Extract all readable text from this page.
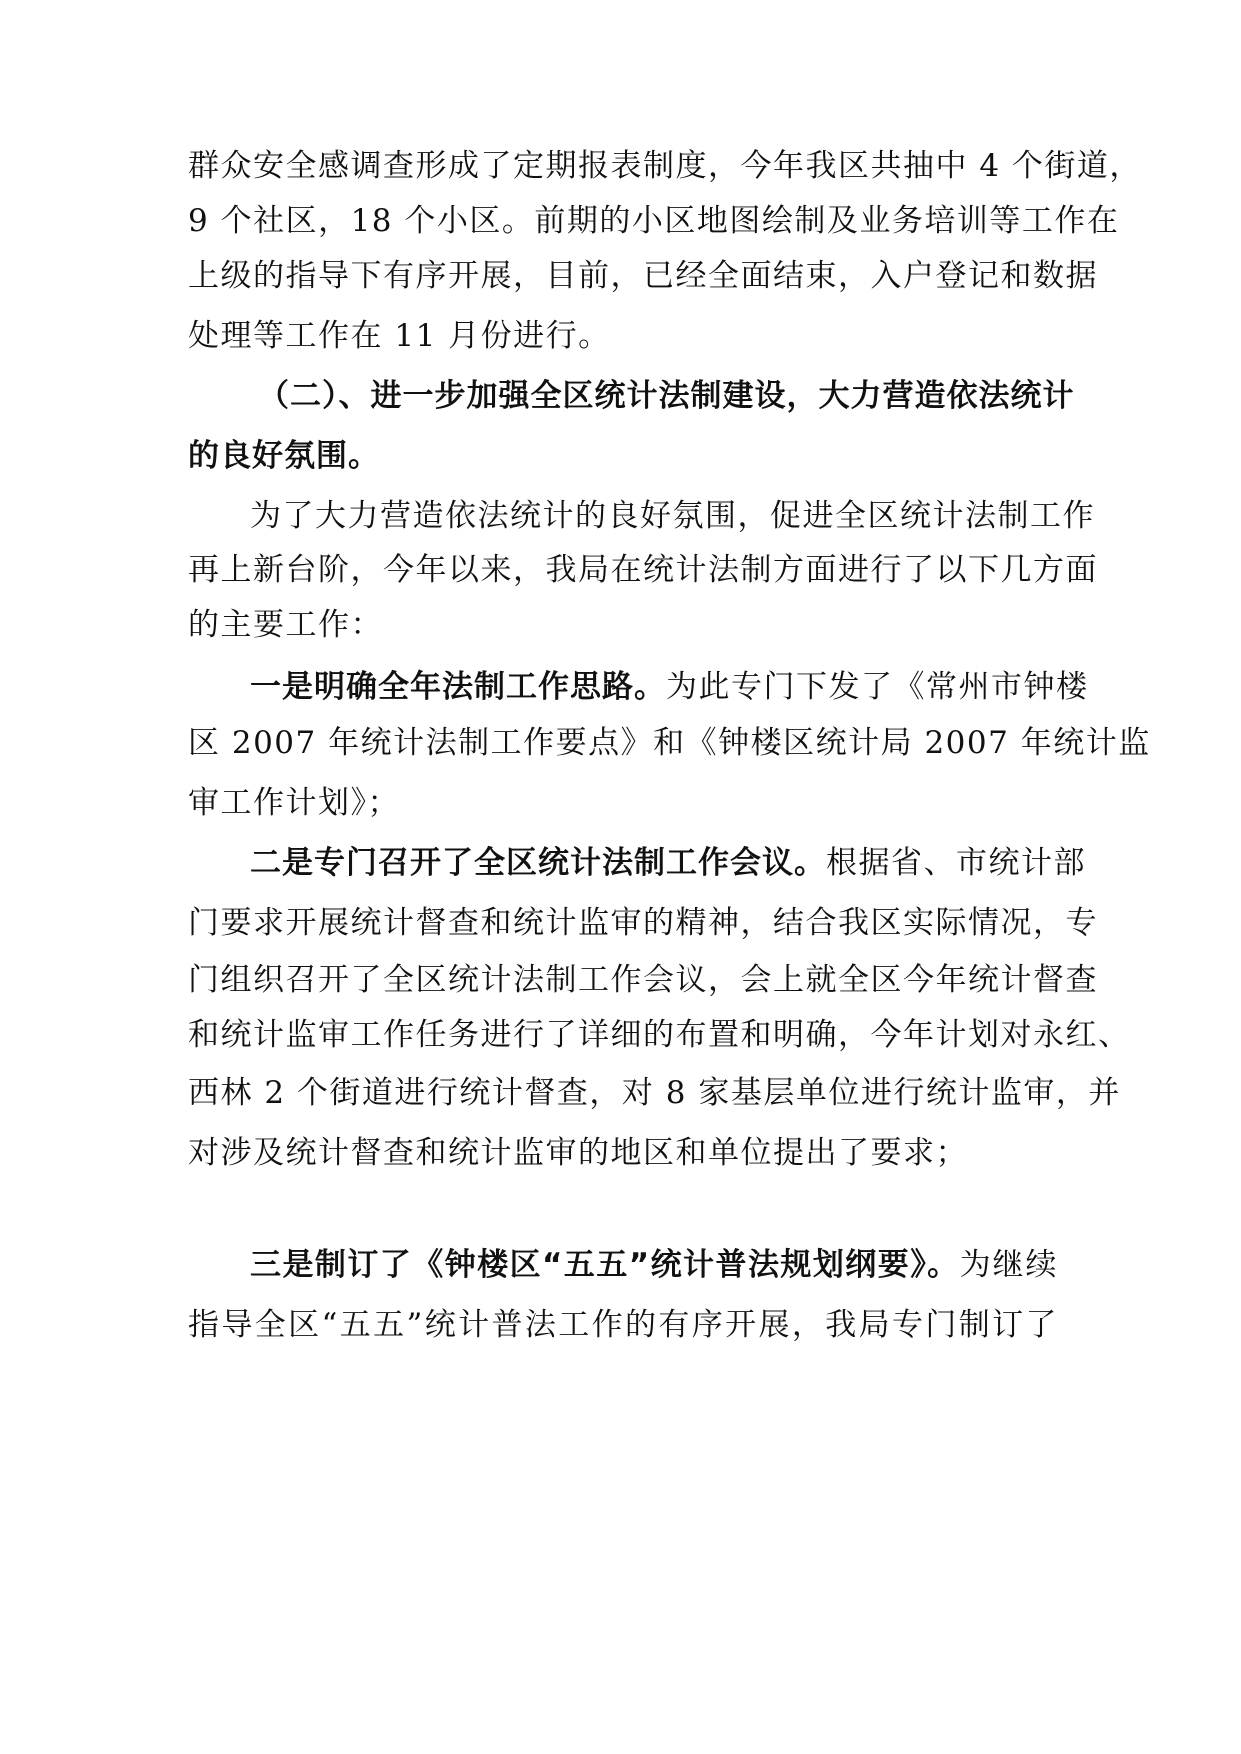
群众安全感调查形成了定期报表制度，今年我区共抽中 4 个街道，
9 个社区，18 个小区。前期的小区地图绘制及业务培训等工作在
上级的指导下有序开展，目前，已经全面结束，入户登记和数据
处理等工作在 11 月份进行。
（二）、进一步加强全区统计法制建设，大力营造依法统计
的良好氛围。
为了大力营造依法统计的良好氛围，促进全区统计法制工作
再上新台阶，今年以来，我局在统计法制方面进行了以下几方面
的主要工作：
一是明确全年法制工作思路。为此专门下发了《常州市钟楼
区 2007 年统计法制工作要点》和《钟楼区统计局 2007 年统计监
审工作计划》；
二是专门召开了全区统计法制工作会议。根据省、市统计部
门要求开展统计督查和统计监审的精神，结合我区实际情况，专
门组织召开了全区统计法制工作会议，会上就全区今年统计督查
和统计监审工作任务进行了详细的布置和明确，今年计划对永红、
西林 2 个街道进行统计督查，对 8 家基层单位进行统计监审，并
对涉及统计督查和统计监审的地区和单位提出了要求；
三是制订了《钟楼区“五五”统计普法规划纲要》。为继续
指导全区“五五”统计普法工作的有序开展，我局专门制订了
